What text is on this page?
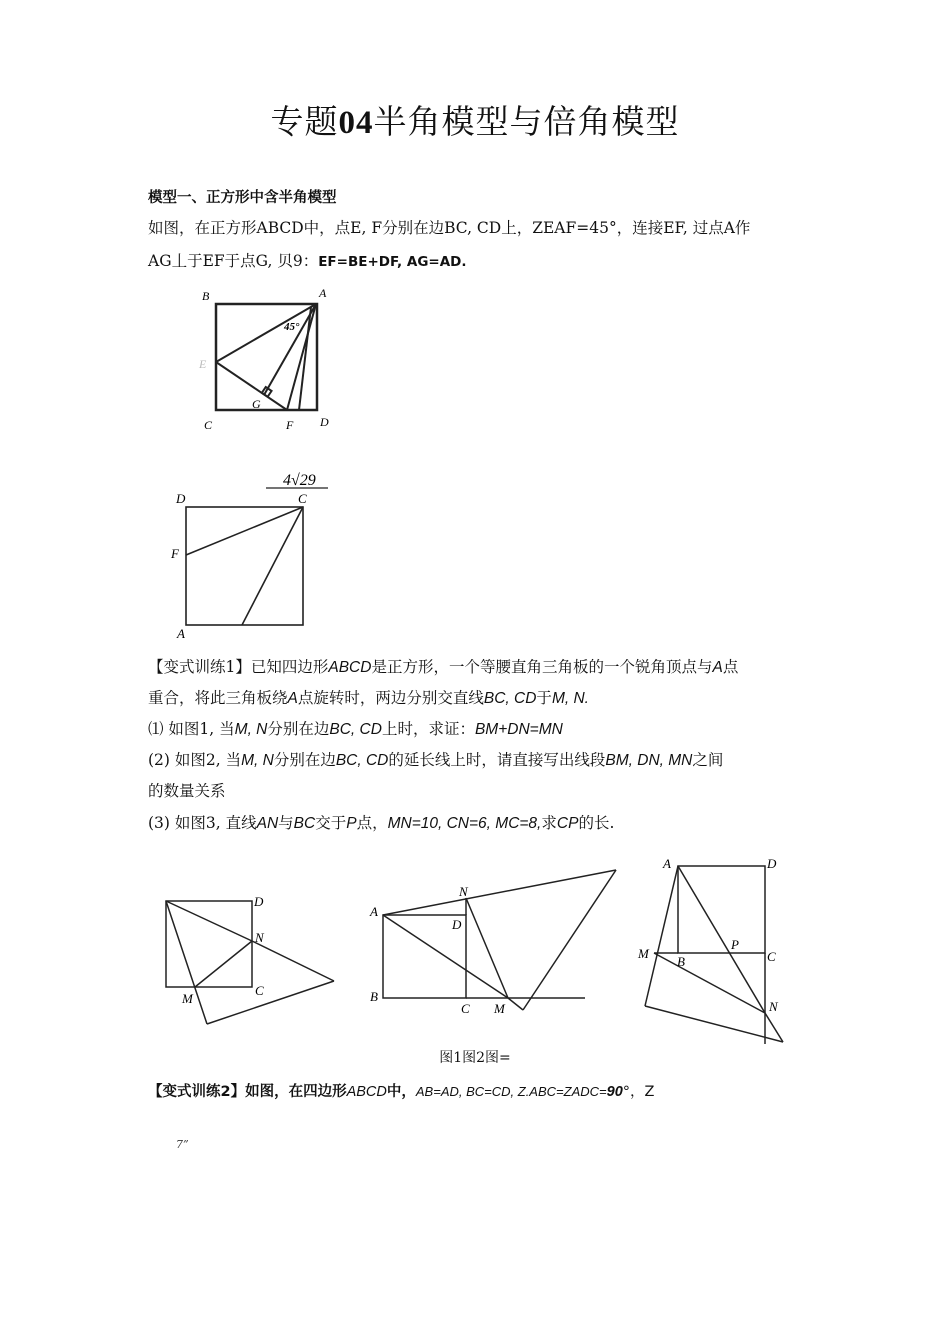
专题04半角模型与倍角模型
模型一、正方形中含半角模型
如图，在正方形ABCD中，点E, F分别在边BC, CD上，ZEAF=45°，连接EF, 过点A作
AG丄于EF于点G, 贝9：EF=BE+DF, AG=AD.
B	A
45°
E
G
C	F D
4√29
D	C
F
A
【变式训练1】已知四边形ABCD是正方形，一个等腰直角三角板的一个锐角顶点与A点
重合，将此三角板绕A点旋转时，两边分别交直线BC, CD于M, N.
⑴ 如图1, 当M, N分别在边BC, CD上时，求证：BM+DN=MN
(2) 如图2, 当M, N分别在边BC, CD的延长线上时，请直接写出线段BM, DN, MN之间
的数量关系
(3) 如图3, 直线AN与BC交于P点，MN=10, CN=6, MC=8,求CP的长.
D
N
M
C
A
N
D
B
C M
A	D
M
B
P
C
N
图1图2图=
【变式训练2】如图，在四边形ABCD中，AB=AD, BC=CD, Z.ABC=ZADC=90°，Z
7”
